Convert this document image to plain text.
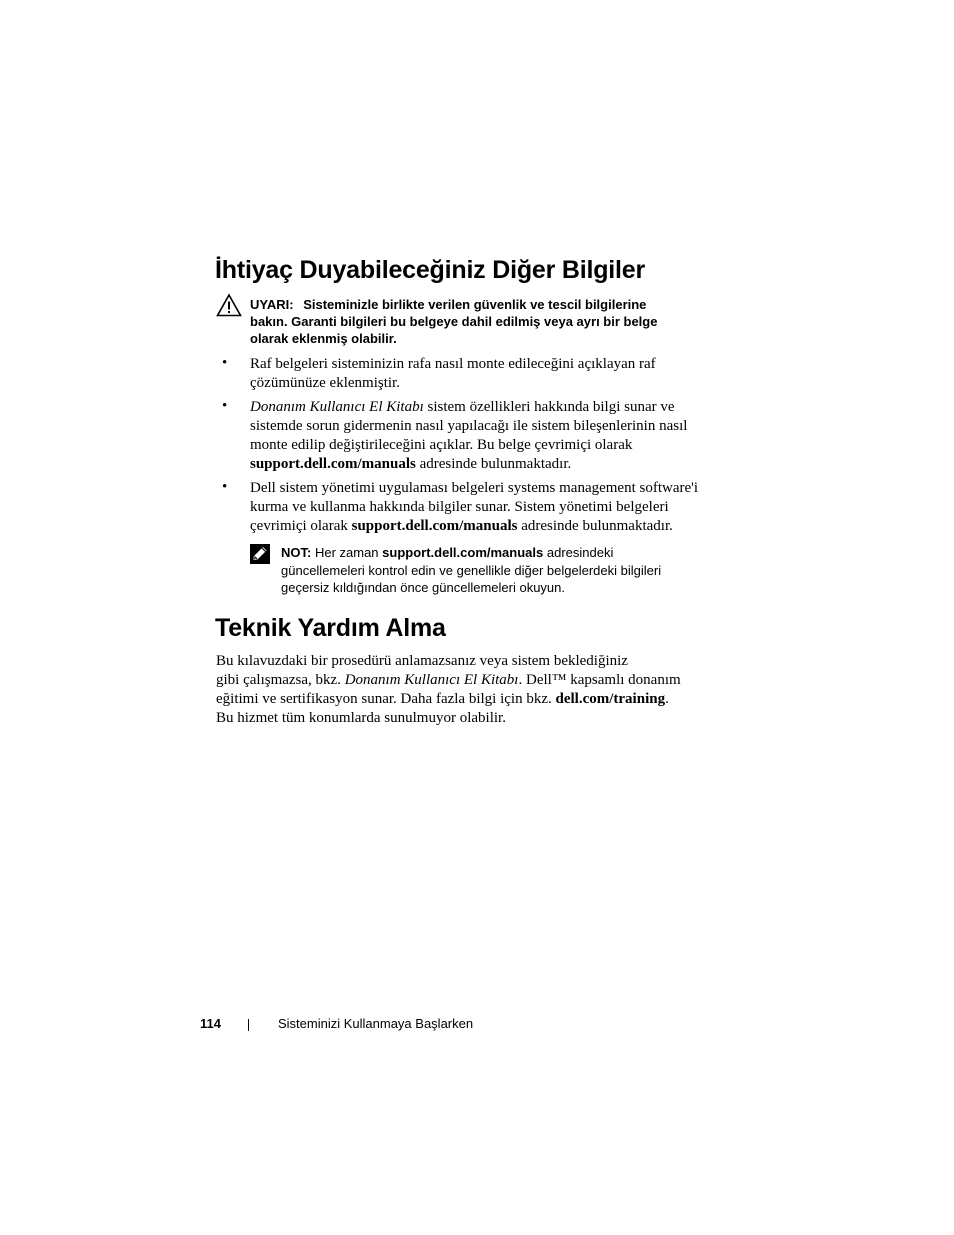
İhtiyaç Duyabileceğiniz Diğer Bilgiler
UYARI: Sisteminizle birlikte verilen güvenlik ve tescil bilgilerine
bakın. Garanti bilgileri bu belgeye dahil edilmiş veya ayrı bir belge
olarak eklenmiş olabilir.
• Raf belgeleri sisteminizin rafa nasıl monte edileceğini açıklayan raf
çözümünüze eklenmiştir.
• Donanım Kullanıcı El Kitabı sistem özellikleri hakkında bilgi sunar ve
sistemde sorun gidermenin nasıl yapılacağı ile sistem bileşenlerinin nasıl
monte edilip değiştirileceğini açıklar. Bu belge çevrimiçi olarak
support.dell.com/manuals adresinde bulunmaktadır.
• Dell sistem yönetimi uygulaması belgeleri systems management software'i
kurma ve kullanma hakkında bilgiler sunar. Sistem yönetimi belgeleri
çevrimiçi olarak support.dell.com/manuals adresinde bulunmaktadır.
NOT: Her zaman support.dell.com/manuals adresindeki
güncellemeleri kontrol edin ve genellikle diğer belgelerdeki bilgileri
geçersiz kıldığından önce güncellemeleri okuyun.
Teknik Yardım Alma
Bu kılavuzdaki bir prosedürü anlamazsanız veya sistem beklediğiniz
gibi çalışmazsa, bkz. Donanım Kullanıcı El Kitabı. Dell™ kapsamlı donanım
eğitimi ve sertifikasyon sunar. Daha fazla bilgi için bkz. dell.com/training.
Bu hizmet tüm konumlarda sunulmuyor olabilir.
114	Sisteminizi Kullanmaya Başlarken
